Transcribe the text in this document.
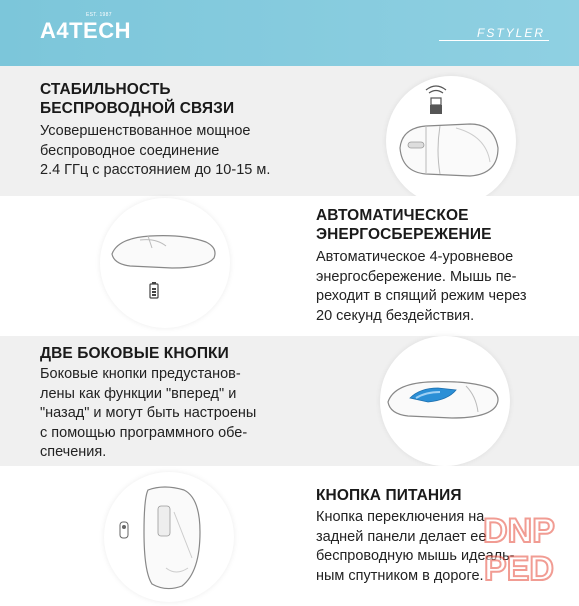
A4TECH
EST. 1987
FSTYLER
СТАБИЛЬНОСТЬ
БЕСПРОВОДНОЙ СВЯЗИ
Усовершенствованное мощное
беспроводное соединение
2.4 ГГц с расстоянием до 10-15 м.
АВТОМАТИЧЕСКОЕ
ЭНЕРГОСБЕРЕЖЕНИЕ
Автоматическое 4-уровневое
энергосбережение. Мышь пе-
реходит в спящий режим через
20 секунд бездействия.
ДВЕ БОКОВЫЕ КНОПКИ
Боковые кнопки предустанов-
лены как функции "вперед" и
"назад" и могут быть настроены
с помощью программного обе-
спечения.
КНОПКА ПИТАНИЯ
Кнопка переключения на
задней панели делает ее
беспроводную мышь идеаль-
ным спутником в дороге.
DNP
PED
